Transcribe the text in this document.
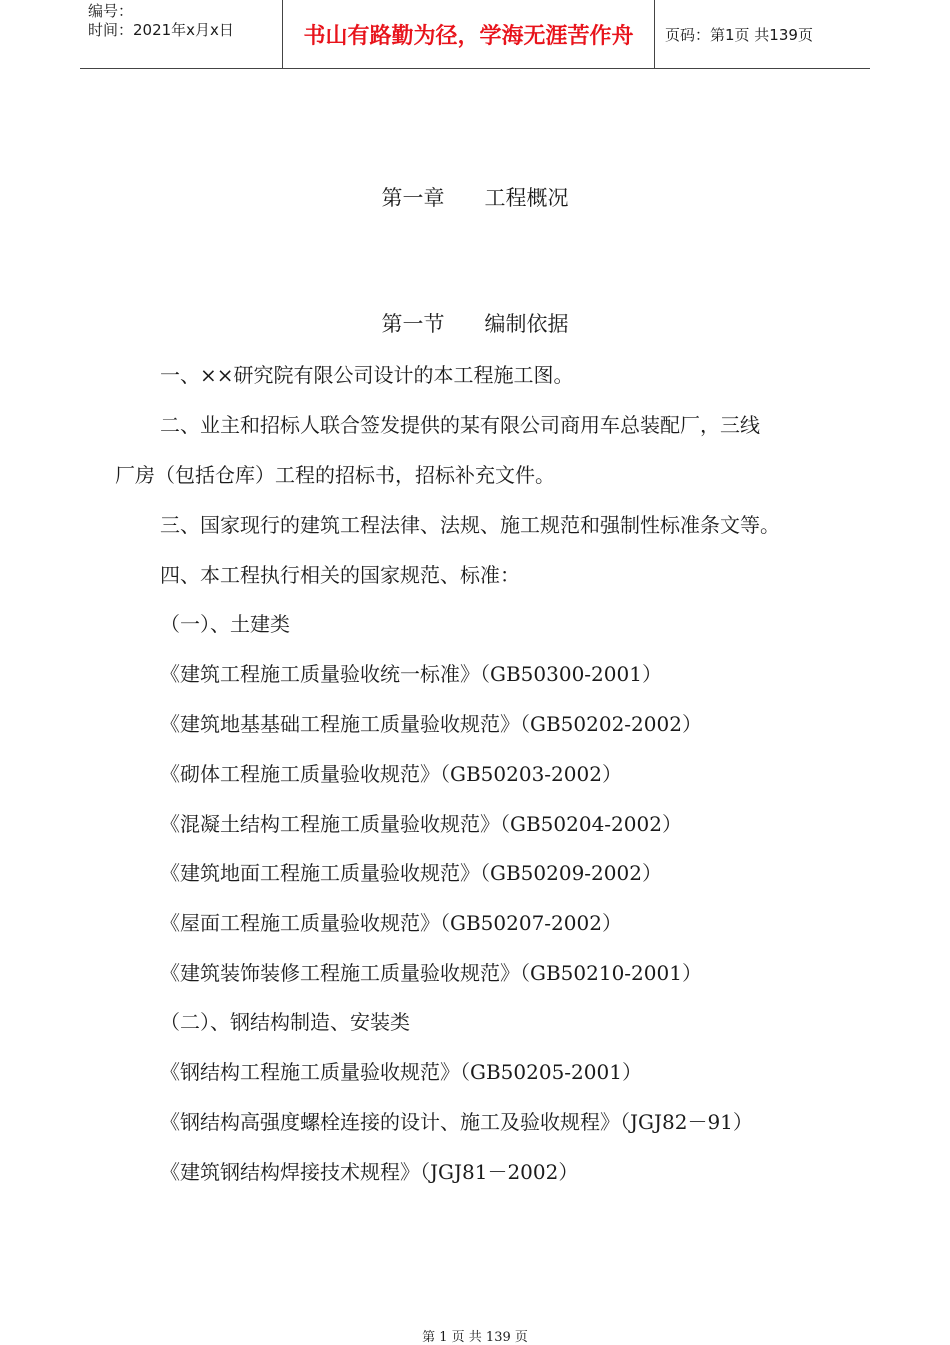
编号：
时间：2021年x月x日	书山有路勤为径，学海无涯苦作舟	页码：第1页 共139页
第一章 工程概况
第一节 编制依据
一、××研究院有限公司设计的本工程施工图。
二、业主和招标人联合签发提供的某有限公司商用车总装配厂，三线
厂房（包括仓库）工程的招标书，招标补充文件。
三、国家现行的建筑工程法律、法规、施工规范和强制性标准条文等。
四、本工程执行相关的国家规范、标准：
（一）、土建类
《建筑工程施工质量验收统一标准》（GB50300-2001）
《建筑地基基础工程施工质量验收规范》（GB50202-2002）
《砌体工程施工质量验收规范》（GB50203-2002）
《混凝土结构工程施工质量验收规范》（GB50204-2002）
《建筑地面工程施工质量验收规范》（GB50209-2002）
《屋面工程施工质量验收规范》（GB50207-2002）
《建筑装饰装修工程施工质量验收规范》（GB50210-2001）
（二）、钢结构制造、安装类
《钢结构工程施工质量验收规范》（GB50205-2001）
《钢结构高强度螺栓连接的设计、施工及验收规程》（JGJ82－91）
《建筑钢结构焊接技术规程》（JGJ81－2002）
第 1 页 共 139 页
